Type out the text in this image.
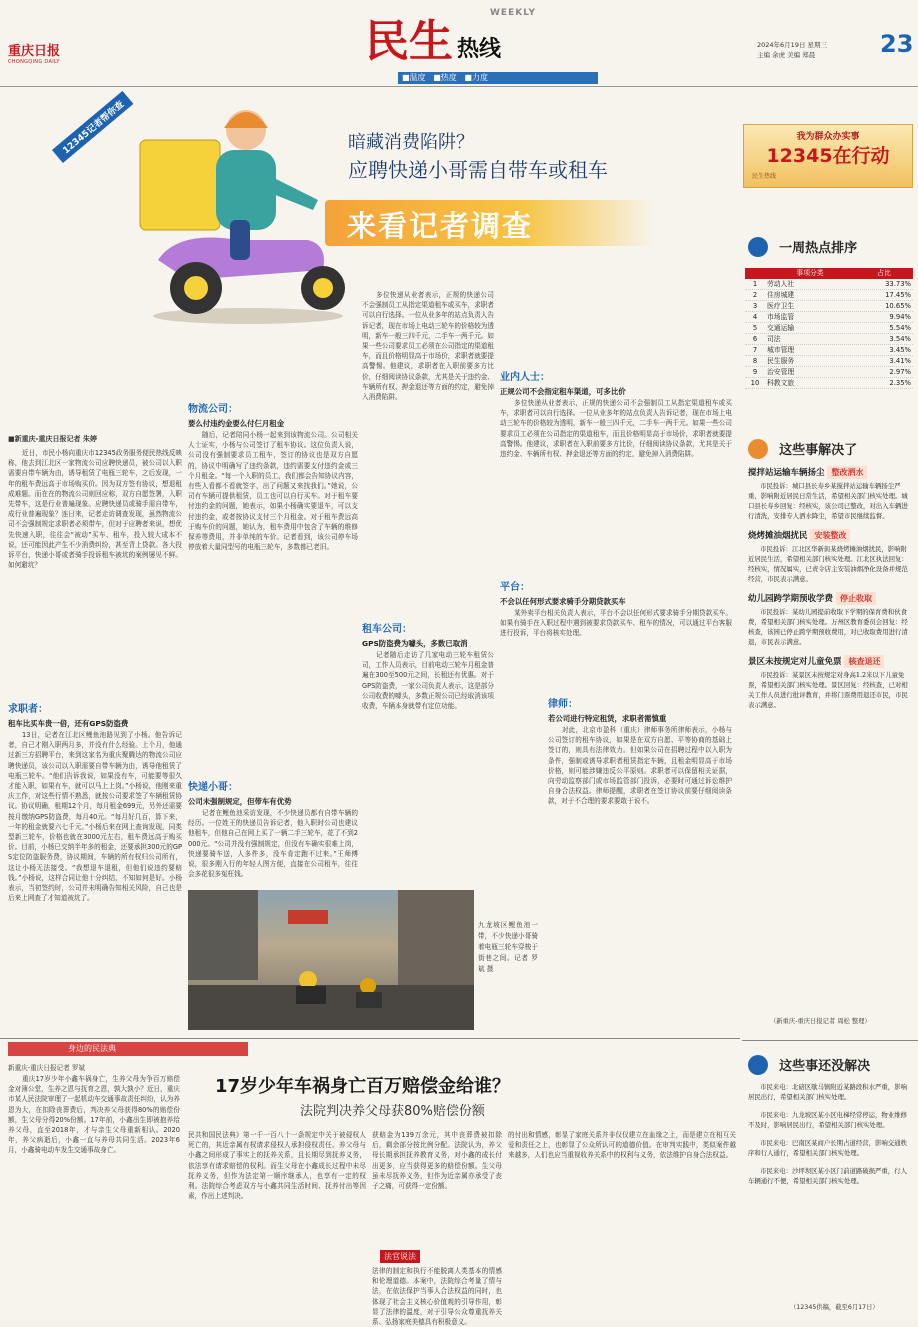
重庆日报
CHONGQING DAILY
WEEKLY
民生 热线
■温度 ■热度 ■力度
2024年6月19日 星期三
主编 余虎 美编 郑晨	23
12345记者帮你查	暗藏消费陷阱？
应聘快递小哥需自带车或租车
来看记者调查
■新重庆-重庆日报记者 朱婷
近日，市民小杨向重庆市12345政务服务便民热线反映称，他去到江北区一家物流公司应聘快递员，被公司以入职需要自带车辆为由，诱导租赁了电瓶三轮车，之后发现，一年的租车费远高于市场购买价。因为双方签有协议，想退租成难题。而在在的物流公司则回应称，双方自愿签署，入职先带车，这是行业普遍现象。应聘快递员或骑手需自带车，成行业普遍现象？连日来，记者走访调查发现，虽然物流公司不会强制规定求职者必须带车，但对于应聘者来说，想优先快速入职，往往会“被动”买车、租车，投入较大成本不说，还可能因此产生不少消费纠纷，甚至背上贷款。各大投诉平台，快递小哥或者骑手投诉租车被坑的案例屡见不鲜。如何避坑？
求职者：
租车比买车贵一倍，还有GPS防盗费
13日，记者在江北区鲤鱼池路见到了小杨。他告诉记者，自己才刚入职两月多，并没有什么经验。上个月，他通过新三方招聘平台，来到这家名为重庆聚腾达的物流公司应聘快递员，该公司以入职需要自带车辆为由，诱导他租赁了电瓶三轮车。“他们告诉我说，如果没有车，可能要等很久才能入职，如果有车，就可以马上上岗。”小杨说，他刚来重庆工作，对这些行情不熟悉，就按公司要求签了车辆租赁协议。协议明确，租期12个月，每月租金699元，另外还需要按月缴纳GPS防盗费，每月40元。“每月好几百，算下来，一年的租金就要六七千元。”小杨后来在网上查询发现，同类型新三轮车，价格也就在3000元左右，租车费远高于购买价。目前，小杨已交纳半年多的租金，还要承担300元的GPS定位防盗服务费，协议期间，车辆的所有权归公司所有，这让小杨无法接受。“我想退车退租，但他们说违约要赔钱。”小杨说，这样合同让他十分纠结，不知如何是好。小杨表示，当初签约时，公司并未明确告知相关风险，自己也是后来上网查了才知道被坑了。
物流公司：
要么付违约金要么付仨月租金
随后，记者陪同小杨一起来到该物流公司。公司相关人士证实，小杨与公司签订了租车协议。这位负责人说，公司没有强制要求员工租车，签订的协议也是双方自愿的，协议中明确写了违约条款，违约需要支付违约金或三个月租金。“每一个入职的员工，我们都会告知协议内容，有些人看都不看就签字，出了问题又来找我们。”她说，公司有车辆可提供租赁，员工也可以自行买车。对于租车要付违约金的问题，她表示，如果小杨确实要退车，可以支付违约金，或者按协议支付三个月租金。对于租车费远高于购车价的问题，她认为，租车费用中包含了车辆的维修保养等费用，并非单纯的车价。记者看到，该公司停车场停放着大量同型号的电瓶三轮车，多数都已老旧。
快递小哥：
公司未强制规定，但带车有优势
记者在鲤鱼池采访发现，不少快递员都有自带车辆的经历。一位姓王的快递员告诉记者，他入职时公司也建议他租车，但他自己在网上买了一辆二手三轮车，花了不到2000元。“公司并没有强制规定，但没有车确实很难上岗，快递要骑车送，人多件多，没车肯定跑不过来。”王师傅说，很多刚入行的年轻人图方便，直接在公司租车，往往会多花很多冤枉钱。
九龙坡区鲤鱼池一带，不少快递小哥骑着电瓶三轮车穿梭于街巷之间。记者 罗斌 摄
多位快递从业者表示，正规的快递公司不会强制员工从指定渠道租车或买车，求职者可以自行选择。一位从业多年的站点负责人告诉记者，现在市场上电动三轮车的价格较为透明，新车一般三四千元，二手车一两千元。如果一些公司要求员工必须在公司指定的渠道租车，而且价格明显高于市场价，求职者就要提高警惕。他建议，求职者在入职前要多方比价，仔细阅读协议条款，尤其是关于违约金、车辆所有权、押金退还等方面的约定，避免掉入消费陷阱。
租车公司：
GPS防盗费为噱头，多数已取消
记者随后走访了几家电动三轮车租赁公司，工作人员表示，目前电动三轮车月租金普遍在300至500元之间，长租还有优惠。对于GPS防盗费，一家公司负责人表示，这是部分公司收费的噱头，多数正规公司已经取消该项收费，车辆本身就带有定位功能。
业内人士：
正规公司不会指定租车渠道，可多比价
多位快递从业者表示，正规的快递公司不会强制员工从指定渠道租车或买车，求职者可以自行选择。一位从业多年的站点负责人告诉记者，现在市场上电动三轮车的价格较为透明，新车一般三四千元，二手车一两千元。如果一些公司要求员工必须在公司指定的渠道租车，而且价格明显高于市场价，求职者就要提高警惕。他建议，求职者在入职前要多方比价，仔细阅读协议条款，尤其是关于违约金、车辆所有权、押金退还等方面的约定，避免掉入消费陷阱。
平台：
不会以任何形式要求骑手分期贷款买车
某外卖平台相关负责人表示，平台不会以任何形式要求骑手分期贷款买车。如果有骑手在入职过程中遇到被要求贷款买车、租车的情况，可以通过平台客服进行投诉，平台将核实处理。
律师：
若公司进行特定租赁，求职者需慎重
对此，北京市盈科（重庆）律师事务所律师表示，小杨与公司签订的租车协议，如果是在双方自愿、平等协商的基础上签订的，则具有法律效力。但如果公司在招聘过程中以入职为条件，强制或诱导求职者租赁指定车辆，且租金明显高于市场价格，则可能涉嫌违反公平原则。求职者可以保留相关证据，向劳动监察部门或市场监管部门投诉，必要时可通过诉讼维护自身合法权益。律师提醒，求职者在签订协议前要仔细阅读条款，对于不合理的要求要敢于说不。
我为群众办实事
12345在行动
民生热线
一周热点排序
事项分类	占比
1	劳动人社	33.73%
2	住房城建	17.45%
3	医疗卫生	10.65%
4	市场监管	9.94%
5	交通运输	5.54%
6	司法	3.54%
7	城市管理	3.45%
8	民生服务	3.41%
9	治安管理	2.97%
10	科教文旅	2.35%
这些事解决了
搅拌站运输车辆扬尘 整改洒水
市民投诉：城口县长寿乡某搅拌站运输车辆扬尘严重，影响附近居民日常生活，希望相关部门核实处理。城口县长寿乡回复：经核实，该公司已整改，对出入车辆进行清洗，安排专人洒水降尘，希望市民继续监督。
烧烤摊油烟扰民 安装整改
市民投诉：江北区华新街某烧烤摊油烟扰民，影响附近居民生活，希望相关部门核实处理。江北区执法回复：经核实，情况属实，已责令店主安装油烟净化设备并规范经营，市民表示满意。
幼儿园跨学期预收学费 停止收取
市民投诉：某幼儿园提前收取下学期的保育费和伙食费，希望相关部门核实处理。万州区教育委员会回复：经核查，该园已停止跨学期预收费用，对已收取费用进行清退，市民表示满意。
景区未按规定对儿童免票 核查退还
市民投诉：某景区未按规定对身高1.2米以下儿童免票，希望相关部门核实处理。景区回复：经核查，已对相关工作人员进行批评教育，并将门票费用退还市民，市民表示满意。
（新重庆-重庆日报记者 周松 整理）
身边的民法典
新重庆-重庆日报记者 罗斌
重庆17岁少年小鑫车祸身亡，生养父母为争百万赔偿金对簿公堂，生养之恩与抚育之恩，孰大孰小？近日，重庆市某人民法院审理了一起机动车交通事故责任纠纷，认为养恩为大，在扣除丧葬费后，判决养父母获得80%的赔偿份额，生父母分得20%份额。17年前，小鑫出生即被抱养给养父母，直至2018年，才与亲生父母重新相认。2020年，养父病逝后，小鑫一直与养母共同生活。2023年6月，小鑫骑电动车发生交通事故身亡。
17岁少年车祸身亡百万赔偿金给谁？
法院判决养父母获80%赔偿份额
民共和国民法典》第一千一百八十一条规定中关于被侵权人死亡的，其近亲属有权请求侵权人承担侵权责任。养父母与小鑫之间形成了事实上的抚养关系，且长期尽到抚养义务，依法享有请求赔偿的权利。而生父母在小鑫成长过程中未尽抚养义务，但作为法定第一顺序继承人，也享有一定的权利。法院综合考虑双方与小鑫共同生活时间、抚养付出等因素，作出上述判决。
获赔金为139万余元，其中丧葬费被扣除后，剩余部分按比例分配。法院认为，养父母长期承担抚养教育义务，对小鑫的成长付出更多，应当获得更多的赔偿份额。生父母虽未尽抚养义务，但作为近亲属亦承受了丧子之痛，可获得一定份额。
法官说法
法律的制定和执行不能脱离人类基本的情感和伦理道德。本案中，法院综合考量了情与法，在依法保护当事人合法权益的同时，也体现了社会主义核心价值观的引导作用，彰显了法律的温度，对于引导公众尊重抚养关系、弘扬家庭美德具有积极意义。
的付出和情感，彰显了家庭关系并非仅仅建立在血缘之上，而是建立在相互关爱和责任之上，也彰显了公众所认可的道德价值。在审判实践中，类似案件越来越多，人们也应当重视收养关系中的权利与义务，依法维护自身合法权益。
这些事还没解决
市民来电：北碚区歇马镇附近某路段积水严重，影响居民出行，希望相关部门核实处理。
市民来电：九龙坡区某小区电梯经常停运，物业维修不及时，影响居民出行，希望相关部门核实处理。
市民来电：巴南区某商户长期占道经营，影响交通秩序和行人通行，希望相关部门核实处理。
市民来电：沙坪坝区某小区门前道路破损严重，行人车辆通行不便，希望相关部门核实处理。
（12345供稿，截至6月17日）
